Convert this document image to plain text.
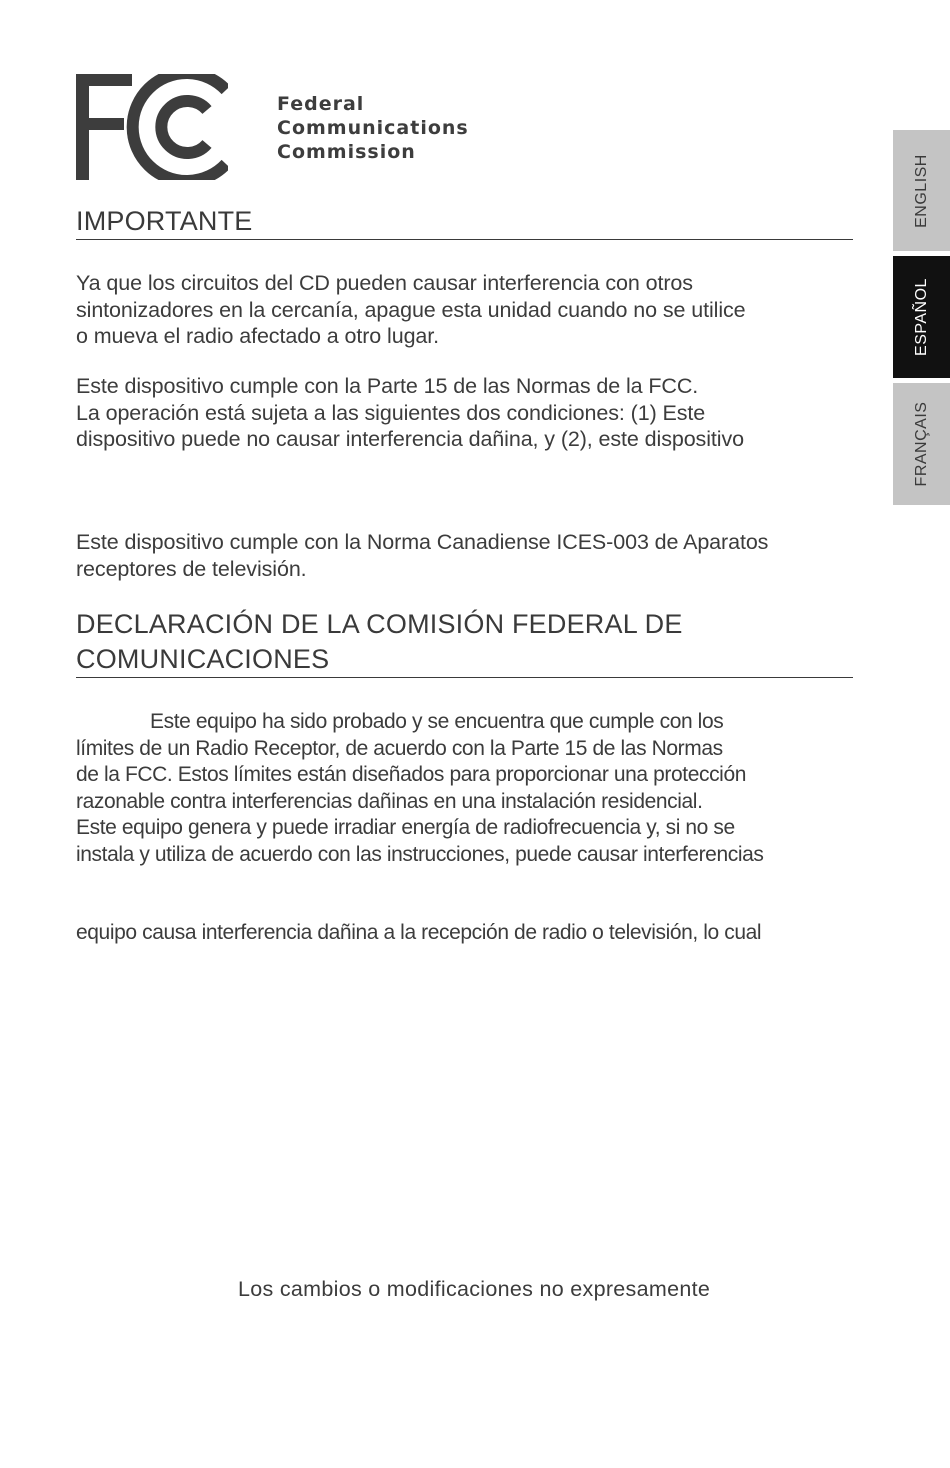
Federal
Communications
Commission
IMPORTANTE
Ya que los circuitos del CD pueden causar interferencia con otros
sintonizadores en la cercanía, apague esta unidad cuando no se utilice
o mueva el radio afectado a otro lugar.
Este dispositivo cumple con la Parte 15 de las Normas de la FCC.
La operación está sujeta a las siguientes dos condiciones: (1) Este
dispositivo puede no causar interferencia dañina, y (2), este dispositivo
Este dispositivo cumple con la Norma Canadiense ICES-003 de Aparatos
receptores de televisión.
DECLARACIÓN DE LA COMISIÓN FEDERAL DE
COMUNICACIONES
Este equipo ha sido probado y se encuentra que cumple con los
límites de un Radio Receptor, de acuerdo con la Parte 15 de las Normas
de la FCC. Estos límites están diseñados para proporcionar una protección
razonable contra interferencias dañinas en una instalación residencial.
Este equipo genera y puede irradiar energía de radiofrecuencia y, si no se
instala y utiliza de acuerdo con las instrucciones, puede causar interferencias
equipo causa interferencia dañina a la recepción de radio o televisión, lo cual
Los cambios o modificaciones no expresamente
ENGLISH
ESPAÑOL
FRANÇAIS
